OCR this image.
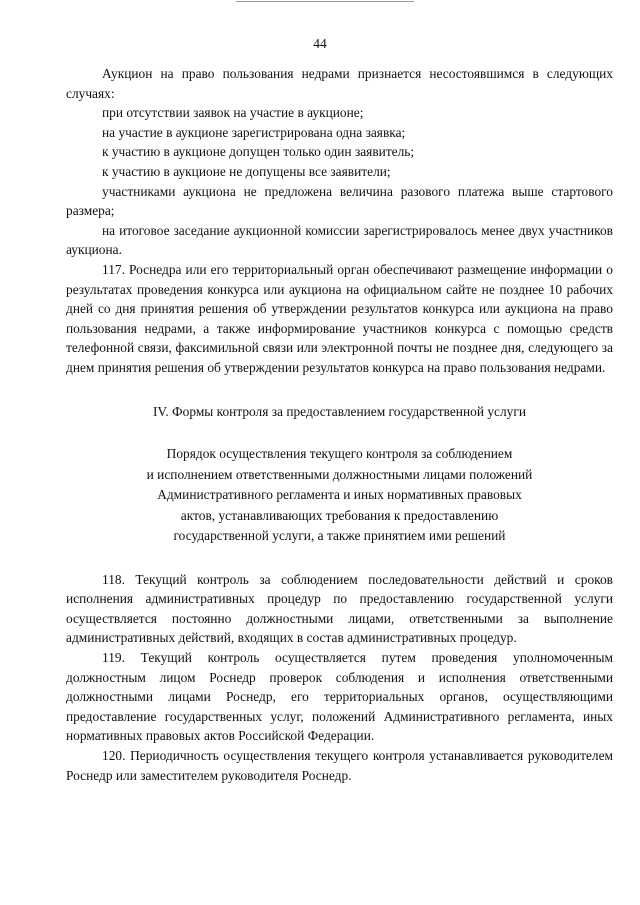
44

Аукцион на право пользования недрами признается несостоявшимся в следующих случаях:

при отсутствии заявок на участие в аукционе;

на участие в аукционе зарегистрирована одна заявка;

к участию в аукционе допущен только один заявитель;

к участию в аукционе не допущены все заявители;

участниками аукциона не предложена величина разового платежа выше стартового размера;

на итоговое заседание аукционной комиссии зарегистрировалось менее двух участников аукциона.

117. Роснедра или его территориальный орган обеспечивают размещение информации о результатах проведения конкурса или аукциона на официальном сайте не позднее 10 рабочих дней со дня принятия решения об утверждении результатов конкурса или аукциона на право пользования недрами, а также информирование участников конкурса с помощью средств телефонной связи, факсимильной связи или электронной почты не позднее дня, следующего за днем принятия решения об утверждении результатов конкурса на право пользования недрами.

IV. Формы контроля за предоставлением государственной услуги
Порядок осуществления текущего контроля за соблюдением
и исполнением ответственными должностными лицами положений
Административного регламента и иных нормативных правовых
актов, устанавливающих требования к предоставлению
государственной услуги, а также принятием ими решений

118. Текущий контроль за соблюдением последовательности действий и сроков исполнения административных процедур по предоставлению государственной услуги осуществляется постоянно должностными лицами, ответственными за выполнение административных действий, входящих в состав административных процедур.

119. Текущий контроль осуществляется путем проведения уполномоченным должностным лицом Роснедр проверок соблюдения и исполнения ответственными должностными лицами Роснедр, его территориальных органов, осуществляющими предоставление государственных услуг, положений Административного регламента, иных нормативных правовых актов Российской Федерации.

120. Периодичность осуществления текущего контроля устанавливается руководителем Роснедр или заместителем руководителя Роснедр.
